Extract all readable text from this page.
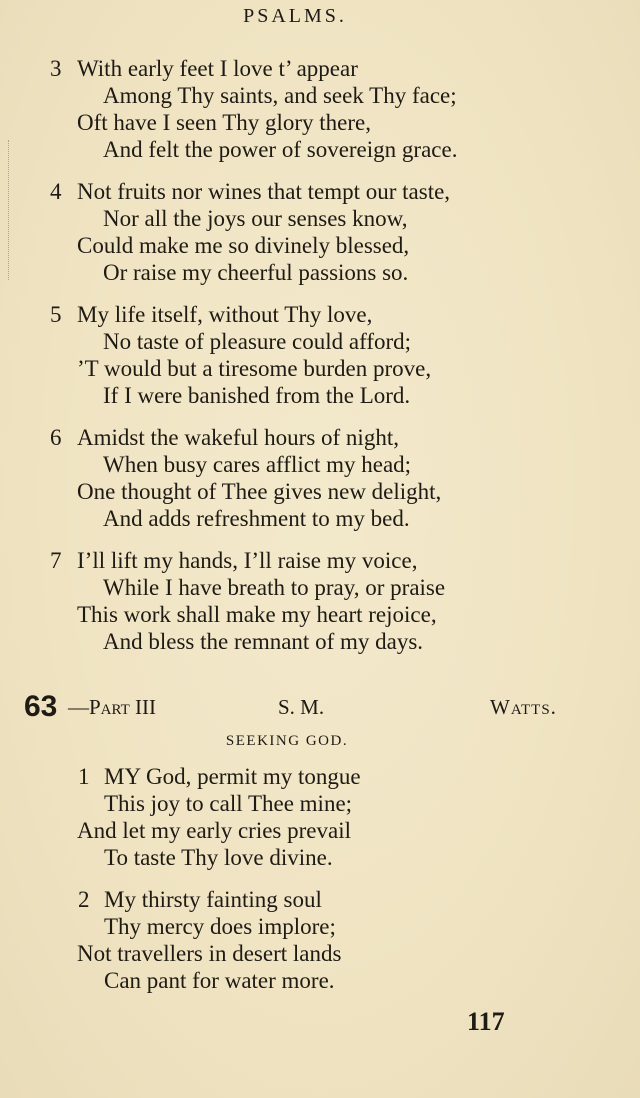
PSALMS.
3 With early feet I love t’ appear
Among Thy saints, and seek Thy face;
Oft have I seen Thy glory there,
And felt the power of sovereign grace.
4 Not fruits nor wines that tempt our taste,
Nor all the joys our senses know,
Could make me so divinely blessed,
Or raise my cheerful passions so.
5 My life itself, without Thy love,
No taste of pleasure could afford;
’T would but a tiresome burden prove,
If I were banished from the Lord.
6 Amidst the wakeful hours of night,
When busy cares afflict my head;
One thought of Thee gives new delight,
And adds refreshment to my bed.
7 I’ll lift my hands, I’ll raise my voice,
While I have breath to pray, or praise
This work shall make my heart rejoice,
And bless the remnant of my days.
63 —Part III	S. M.	Watts.
SEEKING GOD.
1 MY God, permit my tongue
This joy to call Thee mine;
And let my early cries prevail
To taste Thy love divine.
2 My thirsty fainting soul
Thy mercy does implore;
Not travellers in desert lands
Can pant for water more.
117
